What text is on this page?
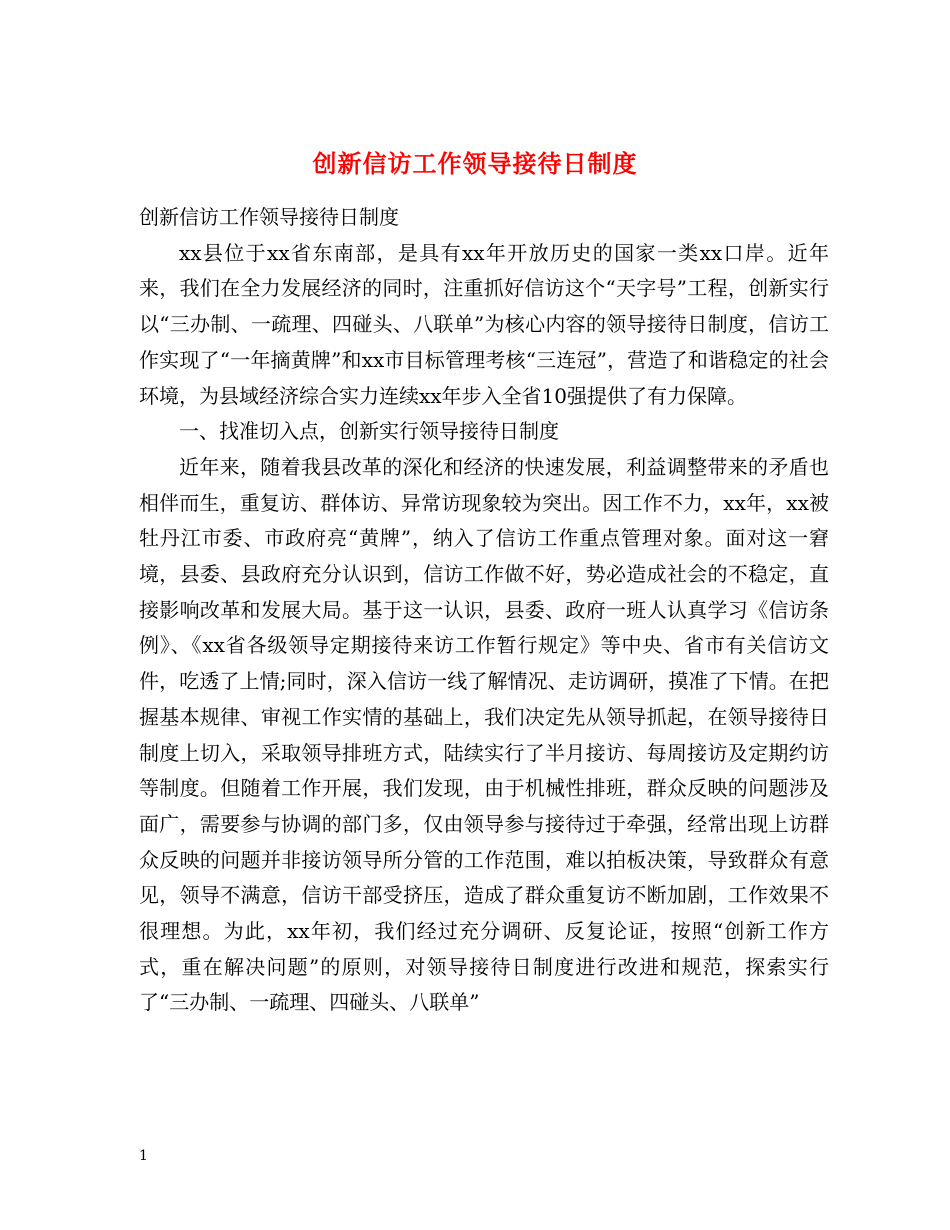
创新信访工作领导接待日制度

创新信访工作领导接待日制度

xx县位于xx省东南部，是具有xx年开放历史的国家一类xx口岸。近年来，我们在全力发展经济的同时，注重抓好信访这个“天字号”工程，创新实行以“三办制、一疏理、四碰头、八联单”为核心内容的领导接待日制度，信访工作实现了“一年摘黄牌”和xx市目标管理考核“三连冠”，营造了和谐稳定的社会环境，为县域经济综合实力连续xx年步入全省10强提供了有力保障。

一、找准切入点，创新实行领导接待日制度

近年来，随着我县改革的深化和经济的快速发展，利益调整带来的矛盾也相伴而生，重复访、群体访、异常访现象较为突出。因工作不力，xx年，xx被牡丹江市委、市政府亮“黄牌”，纳入了信访工作重点管理对象。面对这一窘境，县委、县政府充分认识到，信访工作做不好，势必造成社会的不稳定，直接影响改革和发展大局。基于这一认识，县委、政府一班人认真学习《信访条例》、《xx省各级领导定期接待来访工作暂行规定》等中央、省市有关信访文件，吃透了上情;同时，深入信访一线了解情况、走访调研，摸准了下情。在把握基本规律、审视工作实情的基础上，我们决定先从领导抓起，在领导接待日制度上切入，采取领导排班方式，陆续实行了半月接访、每周接访及定期约访等制度。但随着工作开展，我们发现，由于机械性排班，群众反映的问题涉及面广，需要参与协调的部门多，仅由领导参与接待过于牵强，经常出现上访群众反映的问题并非接访领导所分管的工作范围，难以拍板决策，导致群众有意见，领导不满意，信访干部受挤压，造成了群众重复访不断加剧，工作效果不很理想。为此，xx年初，我们经过充分调研、反复论证，按照“创新工作方式，重在解决问题”的原则，对领导接待日制度进行改进和规范，探索实行了“三办制、一疏理、四碰头、八联单”

1
